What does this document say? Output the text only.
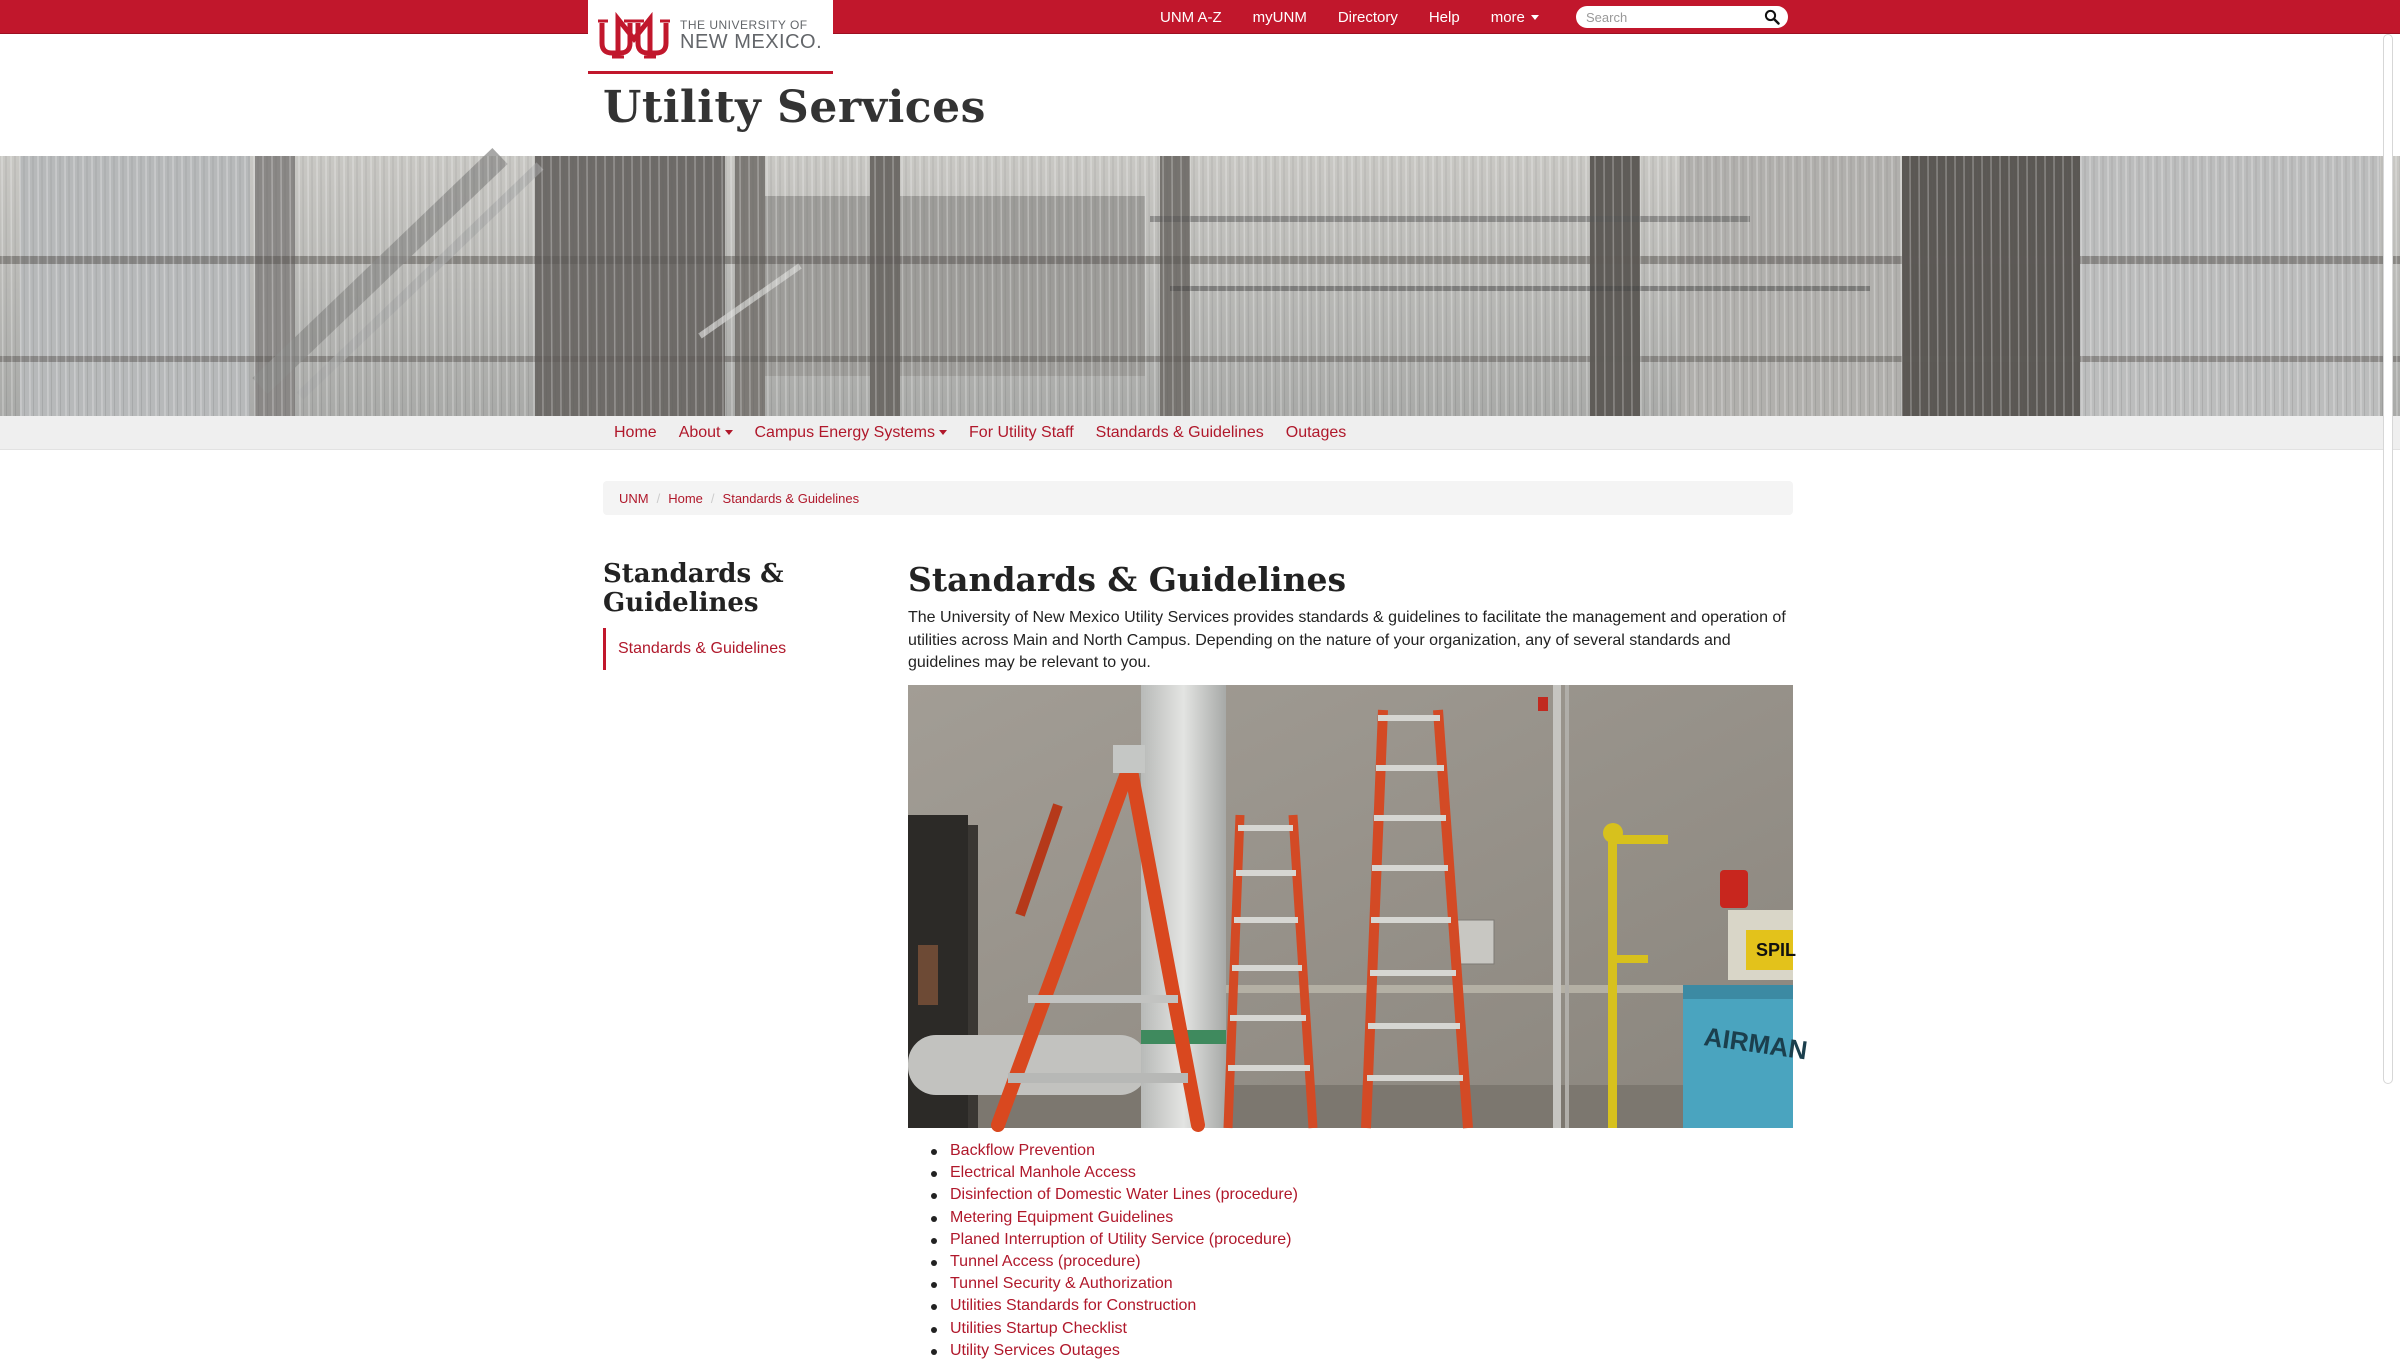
UNM A-Z myUNM Directory Help more
Search
THE UNIVERSITY OF
NEW MEXICO.
Utility Services
Home About	Campus Energy Systems	For Utility Staff Standards & Guidelines Outages
UNM / Home / Standards & Guidelines
Standards & Guidelines
Standards & Guidelines
Standards & Guidelines

The University of New Mexico Utility Services provides standards & guidelines to facilitate the management and operation of utilities across Main and North Campus. Depending on the nature of your organization, any of several standards and guidelines may be relevant to you.

SPIL
AIRMAN
Backflow Prevention
Electrical Manhole Access
Disinfection of Domestic Water Lines (procedure)
Metering Equipment Guidelines
Planed Interruption of Utility Service (procedure)
Tunnel Access (procedure)
Tunnel Security & Authorization
Utilities Standards for Construction
Utilities Startup Checklist
Utility Services Outages
